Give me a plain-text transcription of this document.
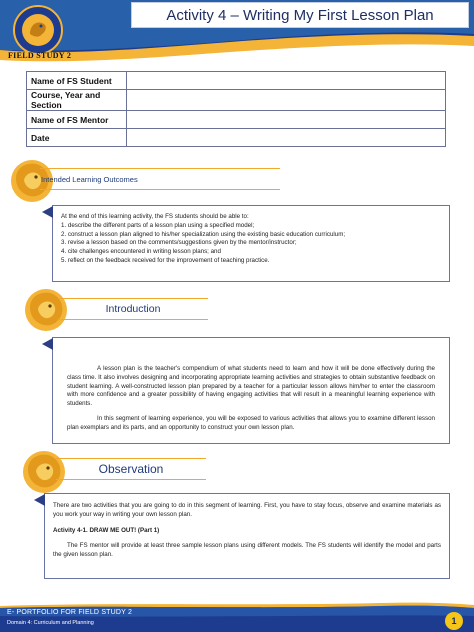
FIELD STUDY 2
Activity 4 – Writing My First Lesson Plan
Name of FS Student	
Course, Year and Section	
Name of FS Mentor	
Date	
Intended Learning Outcomes

At the end of this learning activity, the FS students should be able to:

1. describe the different parts of a lesson plan using a specified model;

2. construct a lesson plan aligned to his/her specialization using the existing basic education curriculum;

3. revise a lesson based on the comments/suggestions given by the mentor/instructor;

4. cite challenges encountered in writing lesson plans; and

5. reflect on the feedback received for the improvement of teaching practice.

Introduction

A lesson plan is the teacher's compendium of what students need to learn and how it will be done effectively during the class time. It also involves designing and incorporating appropriate learning activities and strategies to obtain substantive feedback on student learning. A well-constructed lesson plan prepared by a teacher for a particular lesson allows him/her to enter the classroom with more confidence and a greater possibility of having engaging activities that will result in a meaningful learning experience with students.

In this segment of learning experience, you will be exposed to various activities that allows you to examine different lesson plan exemplars and its parts, and an opportunity to construct your own lesson plan.

Observation

There are two activities that you are going to do in this segment of learning. First, you have to stay focus, observe and examine materials as you work your way in writing your own lesson plan.

Activity 4-1. DRAW ME OUT! (Part 1)

The FS mentor will provide at least three sample lesson plans using different models. The FS students will identify the model and parts the given lesson plan.

E- PORTFOLIO FOR FIELD STUDY 2
Domain 4: Curriculum and Planning	1
